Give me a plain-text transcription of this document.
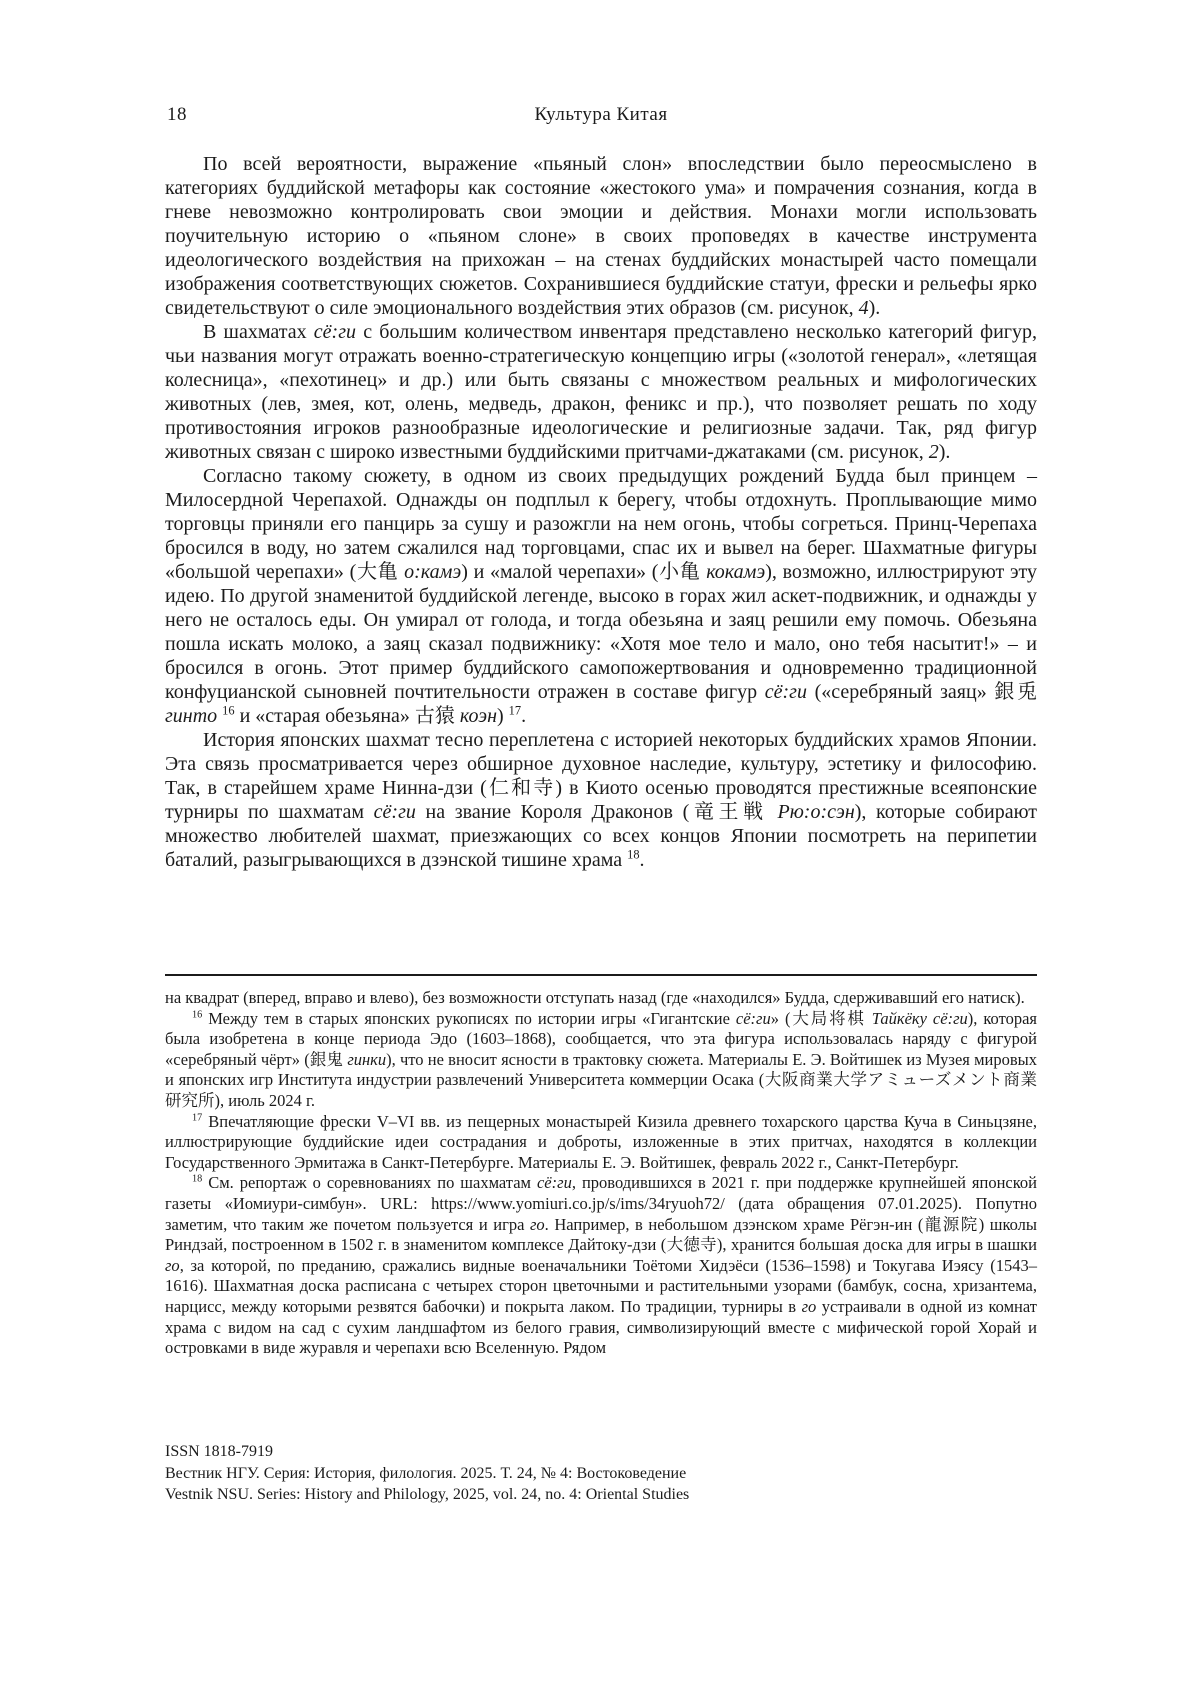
18	Культура Китая

По всей вероятности, выражение «пьяный слон» впоследствии было переосмыслено в категориях буддийской метафоры как состояние «жестокого ума» и помрачения сознания, когда в гневе невозможно контролировать свои эмоции и действия. Монахи могли использовать поучительную историю о «пьяном слоне» в своих проповедях в качестве инструмента идеологического воздействия на прихожан – на стенах буддийских монастырей часто помещали изображения соответствующих сюжетов. Сохранившиеся буддийские статуи, фрески и рельефы ярко свидетельствуют о силе эмоционального воздействия этих образов (см. рисунок, 4).

В шахматах сё:ги с большим количеством инвентаря представлено несколько категорий фигур, чьи названия могут отражать военно-стратегическую концепцию игры («золотой генерал», «летящая колесница», «пехотинец» и др.) или быть связаны с множеством реальных и мифологических животных (лев, змея, кот, олень, медведь, дракон, феникс и пр.), что позволяет решать по ходу противостояния игроков разнообразные идеологические и религиозные задачи. Так, ряд фигур животных связан с широко известными буддийскими притчами-джатаками (см. рисунок, 2).

Согласно такому сюжету, в одном из своих предыдущих рождений Будда был принцем – Милосердной Черепахой. Однажды он подплыл к берегу, чтобы отдохнуть. Проплывающие мимо торговцы приняли его панцирь за сушу и разожгли на нем огонь, чтобы согреться. Принц-Черепаха бросился в воду, но затем сжалился над торговцами, спас их и вывел на берег. Шахматные фигуры «большой черепахи» (大亀 о:камэ) и «малой черепахи» (小亀 кокамэ), возможно, иллюстрируют эту идею. По другой знаменитой буддийской легенде, высоко в горах жил аскет-подвижник, и однажды у него не осталось еды. Он умирал от голода, и тогда обезьяна и заяц решили ему помочь. Обезьяна пошла искать молоко, а заяц сказал подвижнику: «Хотя мое тело и мало, оно тебя насытит!» – и бросился в огонь. Этот пример буддийского самопожертвования и одновременно традиционной конфуцианской сыновней почтительности отражен в составе фигур сё:ги («серебряный заяц» 銀兎 гинто $^{16}$ и «старая обезьяна» 古猿 коэн) $^{17}$.

История японских шахмат тесно переплетена с историей некоторых буддийских храмов Японии. Эта связь просматривается через обширное духовное наследие, культуру, эстетику и философию. Так, в старейшем храме Нинна-дзи (仁和寺) в Киото осенью проводятся престижные всеяпонские турниры по шахматам сё:ги на звание Короля Драконов (竜王戦 Рю:о:сэн), которые собирают множество любителей шахмат, приезжающих со всех концов Японии посмотреть на перипетии баталий, разыгрывающихся в дзэнской тишине храма $^{18}$.

на квадрат (вперед, вправо и влево), без возможности отступать назад (где «находился» Будда, сдерживавший его натиск).

$^{16}$ Между тем в старых японских рукописях по истории игры «Гигантские сё:ги» (大局将棋 Тайкёку сё:ги), которая была изобретена в конце периода Эдо (1603–1868), сообщается, что эта фигура использовалась наряду с фигурой «серебряный чёрт» (銀鬼 гинки), что не вносит ясности в трактовку сюжета. Материалы Е. Э. Войтишек из Музея мировых и японских игр Института индустрии развлечений Университета коммерции Осака (大阪商業大学アミューズメント商業研究所), июль 2024 г.

$^{17}$ Впечатляющие фрески V–VI вв. из пещерных монастырей Кизила древнего тохарского царства Куча в Синьцзяне, иллюстрирующие буддийские идеи сострадания и доброты, изложенные в этих притчах, находятся в коллекции Государственного Эрмитажа в Санкт-Петербурге. Материалы Е. Э. Войтишек, февраль 2022 г., Санкт-Петербург.

$^{18}$ См. репортаж о соревнованиях по шахматам сё:ги, проводившихся в 2021 г. при поддержке крупнейшей японской газеты «Иомиури-симбун». URL: https://www.yomiuri.co.jp/s/ims/34ryuoh72/ (дата обращения 07.01.2025). Попутно заметим, что таким же почетом пользуется и игра го. Например, в небольшом дзэнском храме Рёгэн-ин (龍源院) школы Риндзай, построенном в 1502 г. в знаменитом комплексе Дайтоку-дзи (大徳寺), хранится большая доска для игры в шашки го, за которой, по преданию, сражались видные военачальники Тоётоми Хидэёси (1536–1598) и Токугава Иэясу (1543–1616). Шахматная доска расписана с четырех сторон цветочными и растительными узорами (бамбук, сосна, хризантема, нарцисс, между которыми резвятся бабочки) и покрыта лаком. По традиции, турниры в го устраивали в одной из комнат храма с видом на сад с сухим ландшафтом из белого гравия, символизирующий вместе с мифической горой Хорай и островками в виде журавля и черепахи всю Вселенную. Рядом

ISSN 1818-7919
Вестник НГУ. Серия: История, филология. 2025. Т. 24, № 4: Востоковедение
Vestnik NSU. Series: History and Philology, 2025, vol. 24, no. 4: Oriental Studies
